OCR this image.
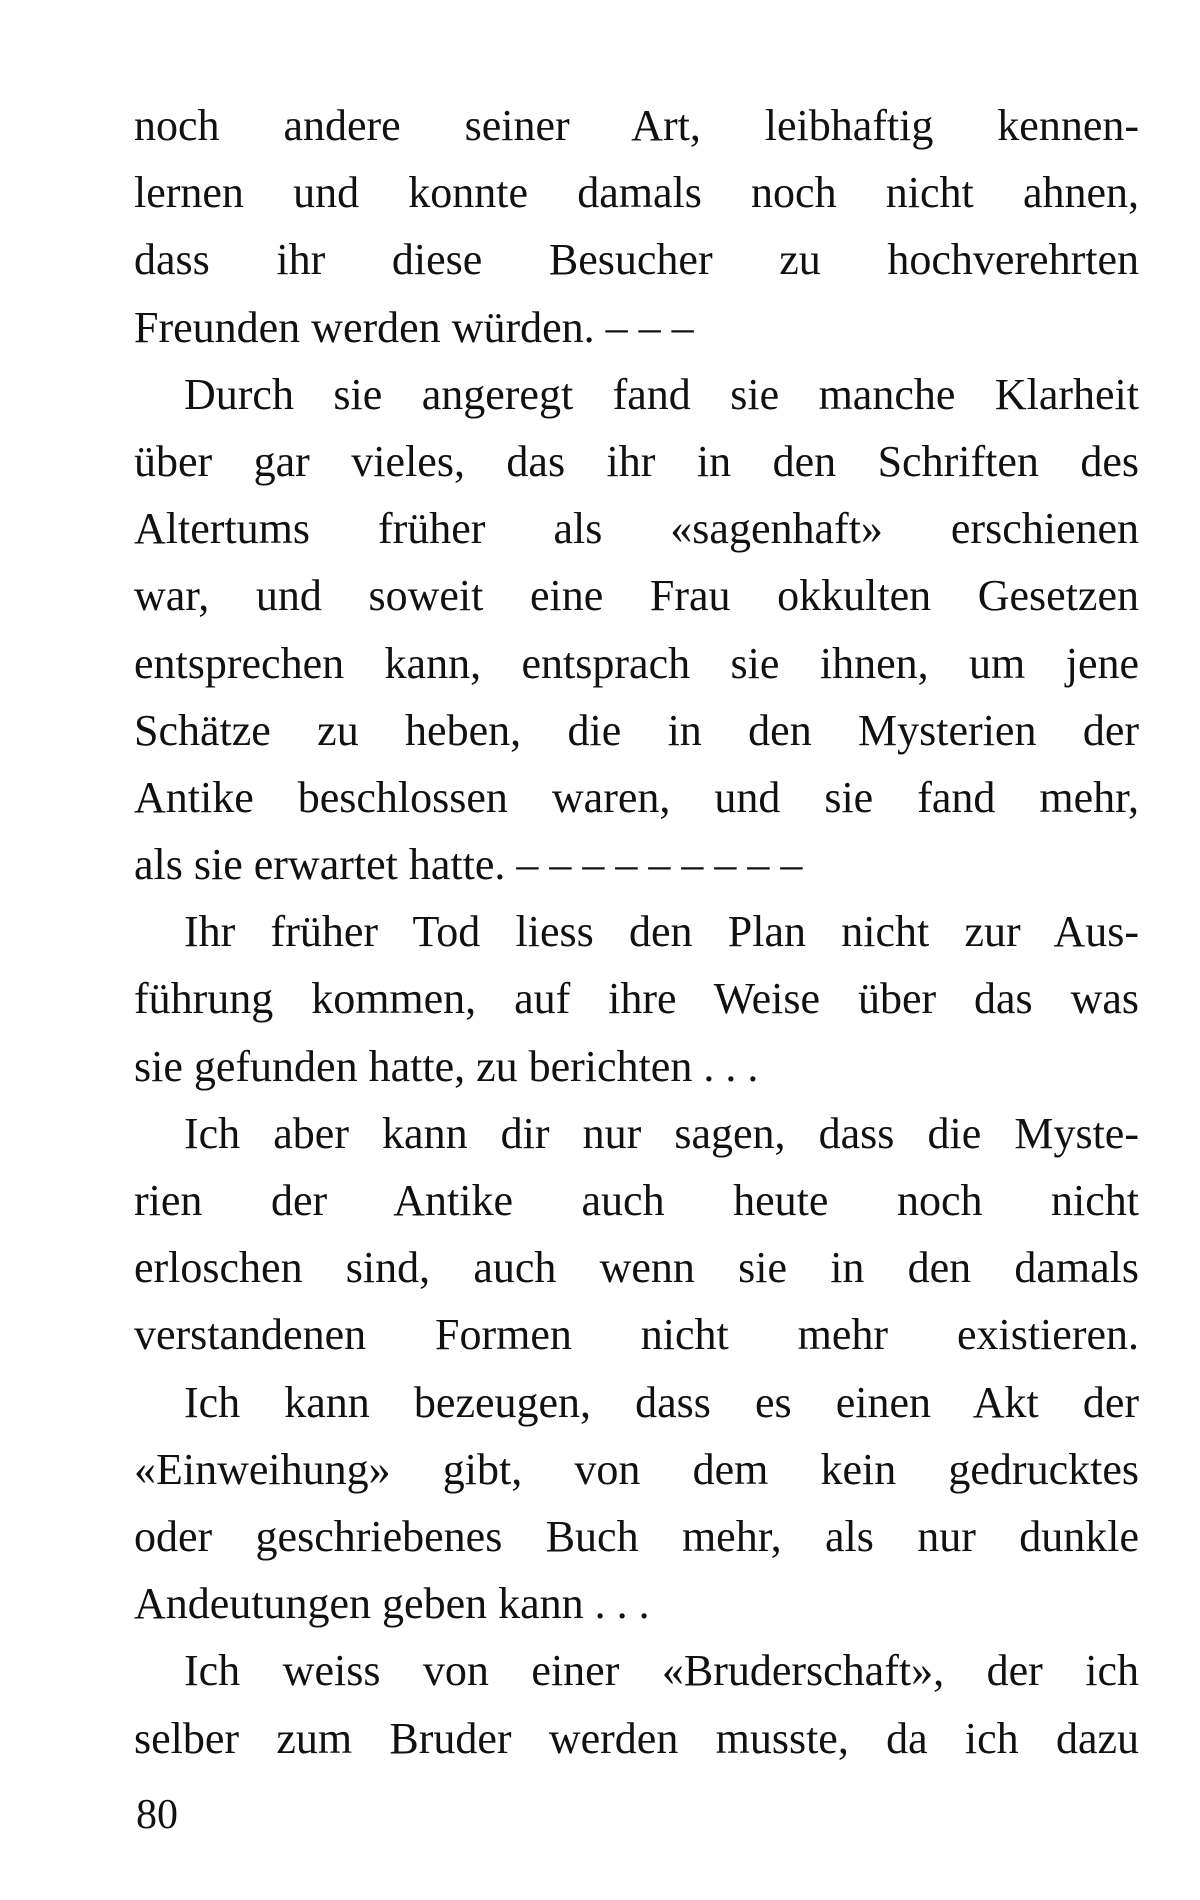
noch andere seiner Art, leibhaftig kennen-
lernen und konnte damals noch nicht ahnen,
dass ihr diese Besucher zu hochverehrten
Freunden werden würden. – – –
Durch sie angeregt fand sie manche Klarheit
über gar vieles, das ihr in den Schriften des
Altertums früher als «sagenhaft» erschienen
war, und soweit eine Frau okkulten Gesetzen
entsprechen kann, entsprach sie ihnen, um jene
Schätze zu heben, die in den Mysterien der
Antike beschlossen waren, und sie fand mehr,
als sie erwartet hatte. – – – – – – – – –
Ihr früher Tod liess den Plan nicht zur Aus-
führung kommen, auf ihre Weise über das was
sie gefunden hatte, zu berichten . . .
Ich aber kann dir nur sagen, dass die Myste-
rien der Antike auch heute noch nicht
erloschen sind, auch wenn sie in den damals
verstandenen Formen nicht mehr existieren.
Ich kann bezeugen, dass es einen Akt der
«Einweihung» gibt, von dem kein gedrucktes
oder geschriebenes Buch mehr, als nur dunkle
Andeutungen geben kann . . .
Ich weiss von einer «Bruderschaft», der ich
selber zum Bruder werden musste, da ich dazu
80
